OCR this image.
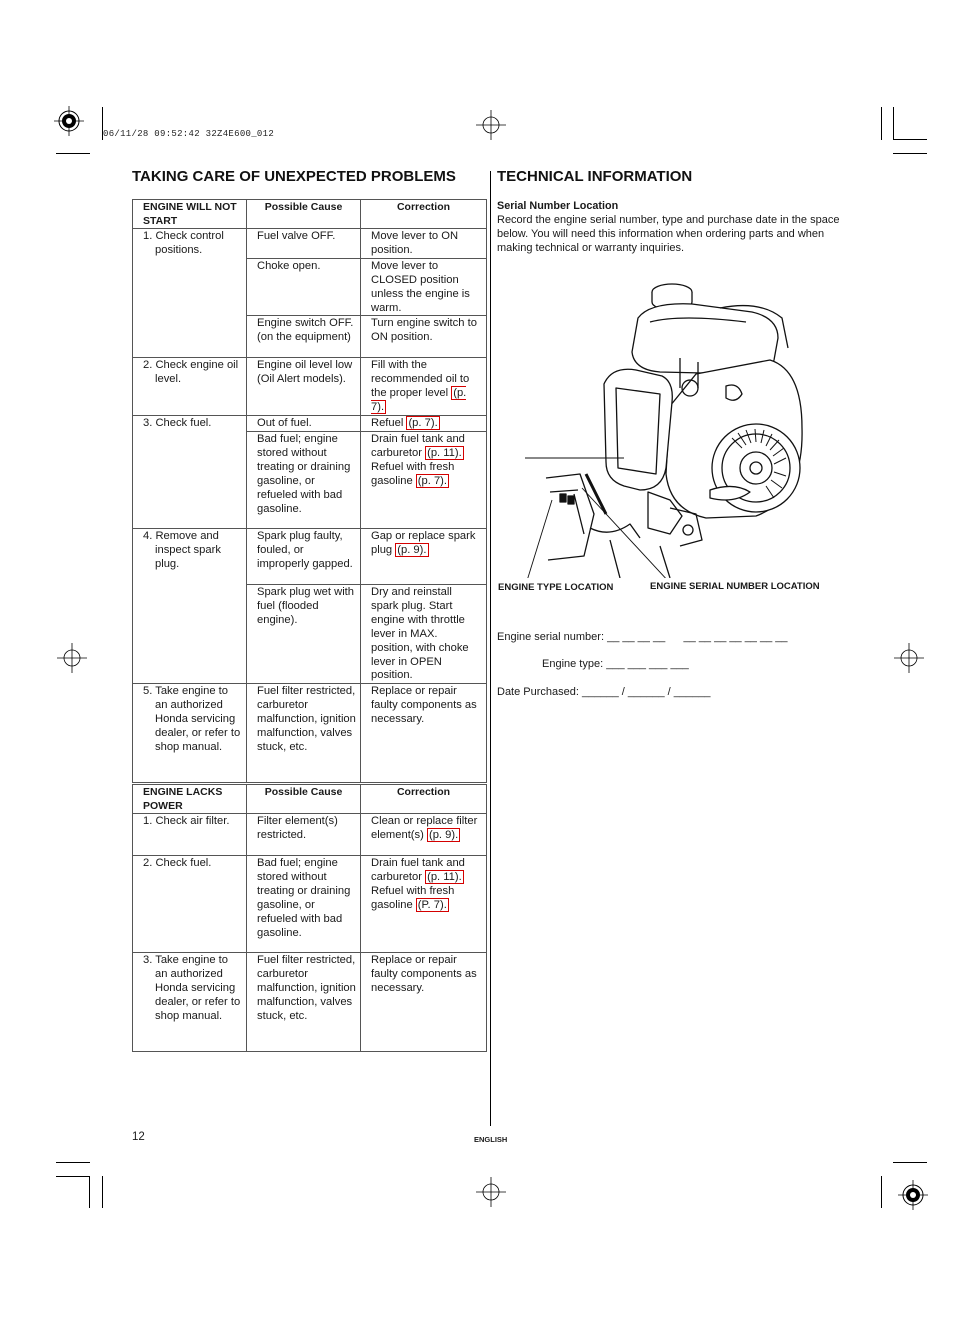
06/11/28 09:52:42 32Z4E600_012
TAKING CARE OF UNEXPECTED PROBLEMS	TECHNICAL INFORMATION
ENGINE WILL NOT START	Possible Cause	Correction

1. Check control positions.	Fuel valve OFF.	Move lever to ON position.
	Choke open.	Move lever to CLOSED position unless the engine is warm.
	Engine switch OFF. (on the equipment)	Turn engine switch to ON position.

2. Check engine oil level.	Engine oil level low (Oil Alert models).	Fill with the recommended oil to the proper level (p. 7).

3. Check fuel.	Out of fuel.	Refuel (p. 7).
	Bad fuel; engine stored without treating or draining gasoline, or refueled with bad gasoline.	Drain fuel tank and carburetor (p. 11). Refuel with fresh gasoline (p. 7).

4. Remove and inspect spark plug.	Spark plug faulty, fouled, or improperly gapped.	Gap or replace spark plug (p. 9).
	Spark plug wet with fuel (flooded engine).	Dry and reinstall spark plug. Start engine with throttle lever in MAX. position, with choke lever in OPEN position.

5. Take engine to an authorized Honda servicing dealer, or refer to shop manual.	Fuel filter restricted, carburetor malfunction, ignition malfunction, valves stuck, etc.	Replace or repair faulty components as necessary.
ENGINE LACKS POWER	Possible Cause	Correction

1. Check air filter.	Filter element(s) restricted.	Clean or replace filter element(s) (p. 9).

2. Check fuel.	Bad fuel; engine stored without treating or draining gasoline, or refueled with bad gasoline.	Drain fuel tank and carburetor (p. 11). Refuel with fresh gasoline (P. 7).

3. Take engine to an authorized Honda servicing dealer, or refer to shop manual.	Fuel filter restricted, carburetor malfunction, ignition malfunction, valves stuck, etc.	Replace or repair faulty components as necessary.
Serial Number Location
Record the engine serial number, type and purchase date in the space below. You will need this information when ordering parts and when making technical or warranty inquiries.
ENGINE TYPE LOCATION	ENGINE SERIAL NUMBER LOCATION
Engine serial number: __ __ __ __      __ __ __ __ __ __ __
Engine type: ___ ___ ___ ___
Date Purchased: ______ / ______ / ______
12	ENGLISH
